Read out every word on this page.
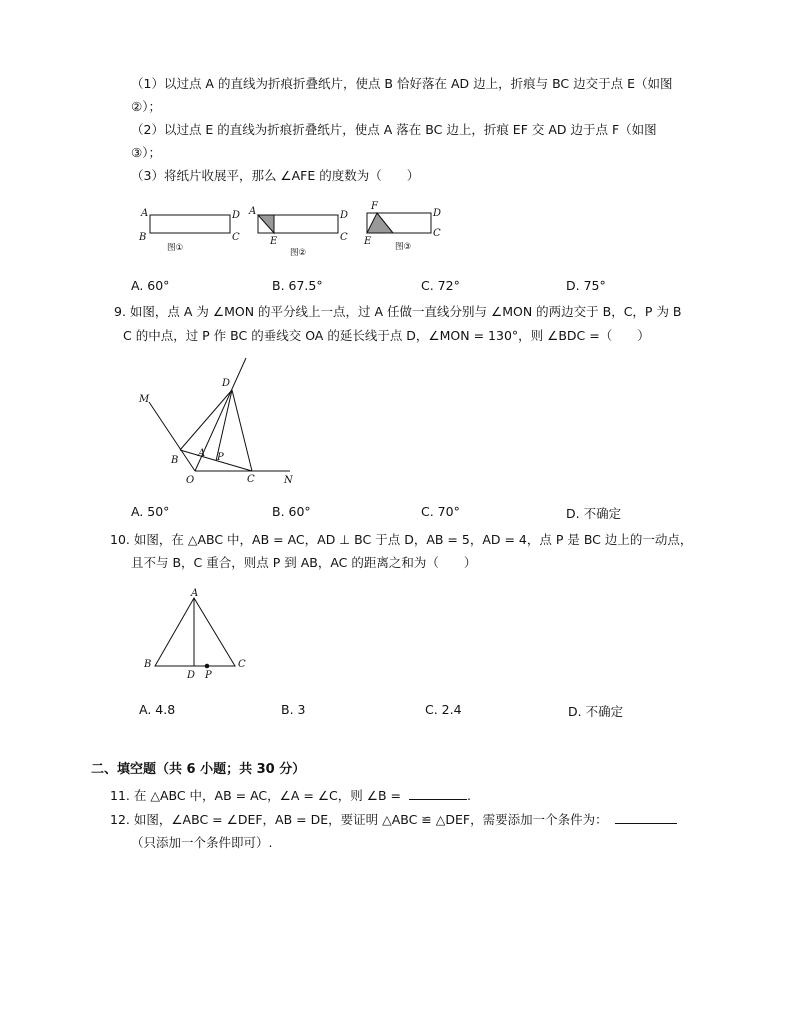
（1）以过点 A 的直线为折痕折叠纸片，使点 B 恰好落在 AD 边上，折痕与 BC 边交于点 E（如图
②）；
（2）以过点 E 的直线为折痕折叠纸片，使点 A 落在 BC 边上，折痕 EF 交 AD 边于点 F（如图
③）；
（3）将纸片收展平，那么 ∠AFE 的度数为（　　）
A	D
B	C
图①
A	D
E	C
图②
F
D
E
C
图③
A. 60°	B. 67.5°	C. 72°	D. 75°
9. 如图，点 A 为 ∠MON 的平分线上一点，过 A 任做一直线分别与 ∠MON 的两边交于 B，C，P 为 B
C 的中点，过 P 作 BC 的垂线交 OA 的延长线于点 D，∠MON = 130°，则 ∠BDC =（　　）
M
D
B
A P
O	C	N
A. 50°	B. 60°	C. 70°	D. 不确定
10. 如图，在 △ABC 中，AB = AC，AD ⊥ BC 于点 D，AB = 5，AD = 4，点 P 是 BC 边上的一动点，
且不与 B，C 重合，则点 P 到 AB，AC 的距离之和为（　　）
A
B	C
D P
A. 4.8	B. 3	C. 2.4	D. 不确定
二、填空题（共 6 小题；共 30 分）
11. 在 △ABC 中，AB = AC，∠A = ∠C，则 ∠B =	.
12. 如图，∠ABC = ∠DEF，AB = DE，要证明 △ABC ≌ △DEF，需要添加一个条件为：
（只添加一个条件即可）.
